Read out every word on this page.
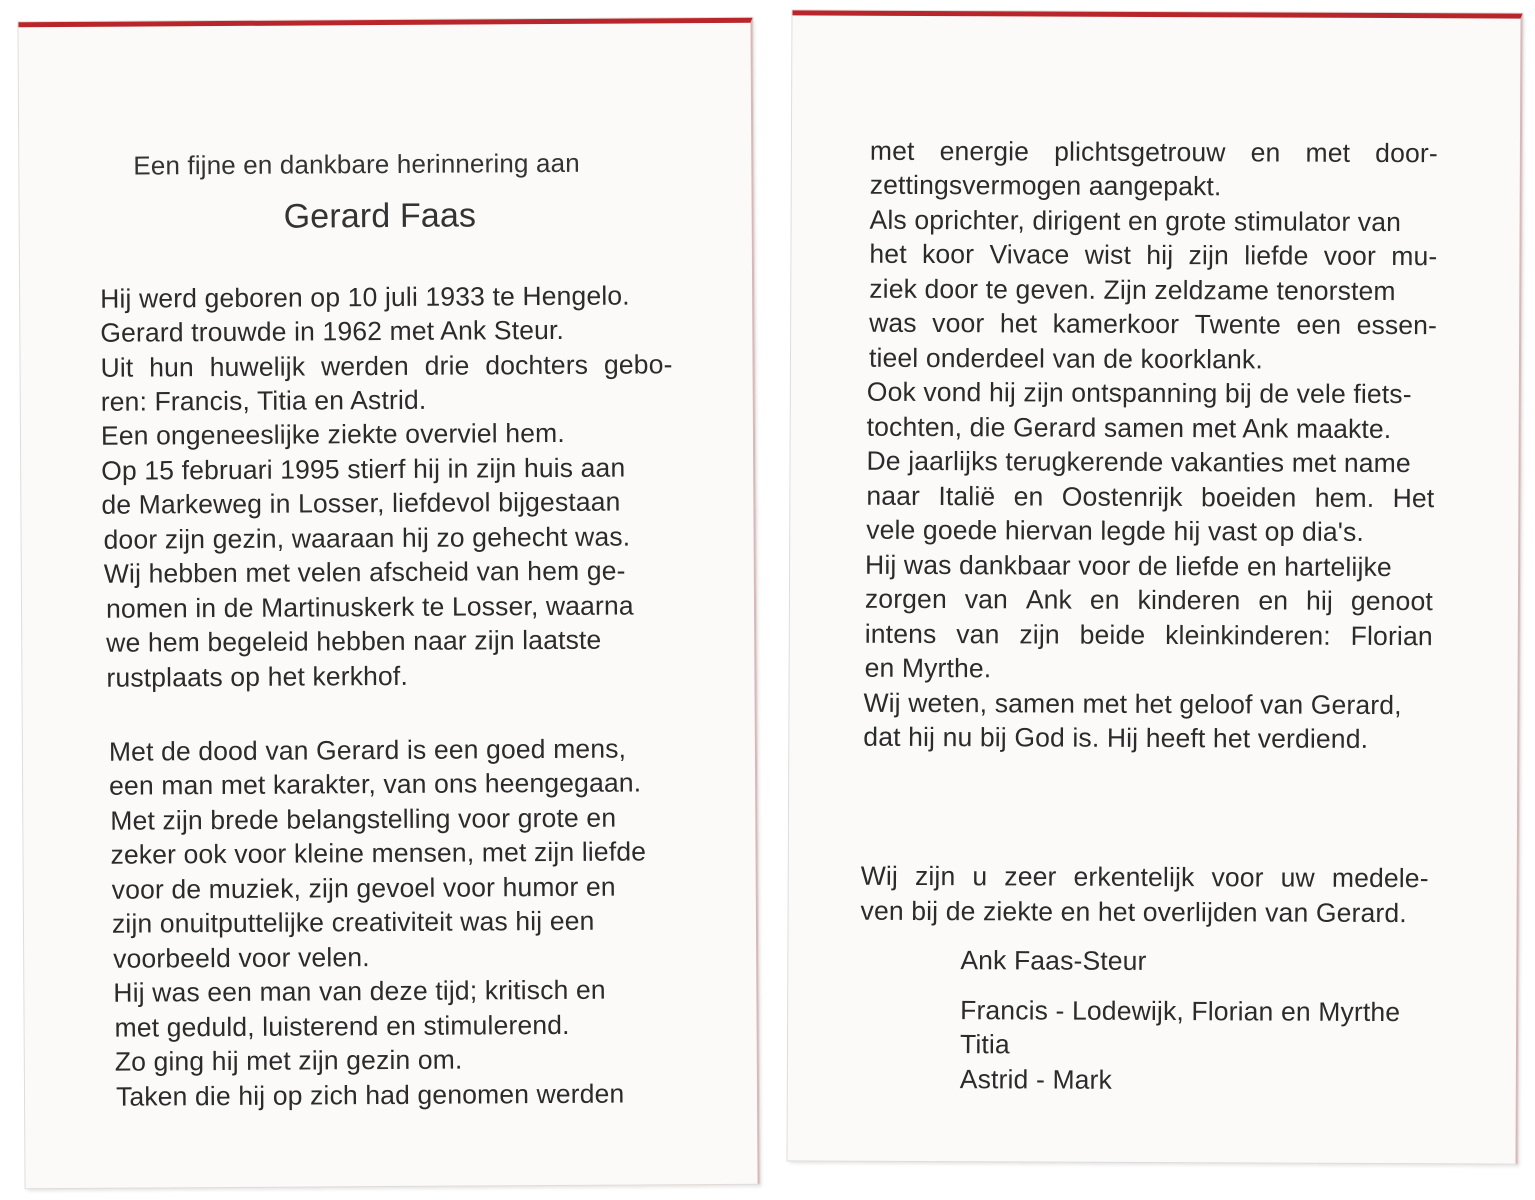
Een fijne en dankbare herinnering aan
Gerard Faas
Hij werd geboren op 10 juli 1933 te Hengelo.
Gerard trouwde in 1962 met Ank Steur.
Uit hun huwelijk werden drie dochters gebo-
ren: Francis, Titia en Astrid.
Een ongeneeslijke ziekte overviel hem.
Op 15 februari 1995 stierf hij in zijn huis aan
de Markeweg in Losser, liefdevol bijgestaan
door zijn gezin, waaraan hij zo gehecht was.
Wij hebben met velen afscheid van hem ge-
nomen in de Martinuskerk te Losser, waarna
we hem begeleid hebben naar zijn laatste
rustplaats op het kerkhof.
Met de dood van Gerard is een goed mens,
een man met karakter, van ons heengegaan.
Met zijn brede belangstelling voor grote en
zeker ook voor kleine mensen, met zijn liefde
voor de muziek, zijn gevoel voor humor en
zijn onuitputtelijke creativiteit was hij een
voorbeeld voor velen.
Hij was een man van deze tijd; kritisch en
met geduld, luisterend en stimulerend.
Zo ging hij met zijn gezin om.
Taken die hij op zich had genomen werden
met energie plichtsgetrouw en met door-
zettingsvermogen aangepakt.
Als oprichter, dirigent en grote stimulator van
het koor Vivace wist hij zijn liefde voor mu-
ziek door te geven. Zijn zeldzame tenorstem
was voor het kamerkoor Twente een essen-
tieel onderdeel van de koorklank.
Ook vond hij zijn ontspanning bij de vele fiets-
tochten, die Gerard samen met Ank maakte.
De jaarlijks terugkerende vakanties met name
naar Italië en Oostenrijk boeiden hem. Het
vele goede hiervan legde hij vast op dia's.
Hij was dankbaar voor de liefde en hartelijke
zorgen van Ank en kinderen en hij genoot
intens van zijn beide kleinkinderen: Florian
en Myrthe.
Wij weten, samen met het geloof van Gerard,
dat hij nu bij God is. Hij heeft het verdiend.
Wij zijn u zeer erkentelijk voor uw medele-
ven bij de ziekte en het overlijden van Gerard.
Ank Faas-Steur
Francis - Lodewijk, Florian en Myrthe
Titia
Astrid - Mark
